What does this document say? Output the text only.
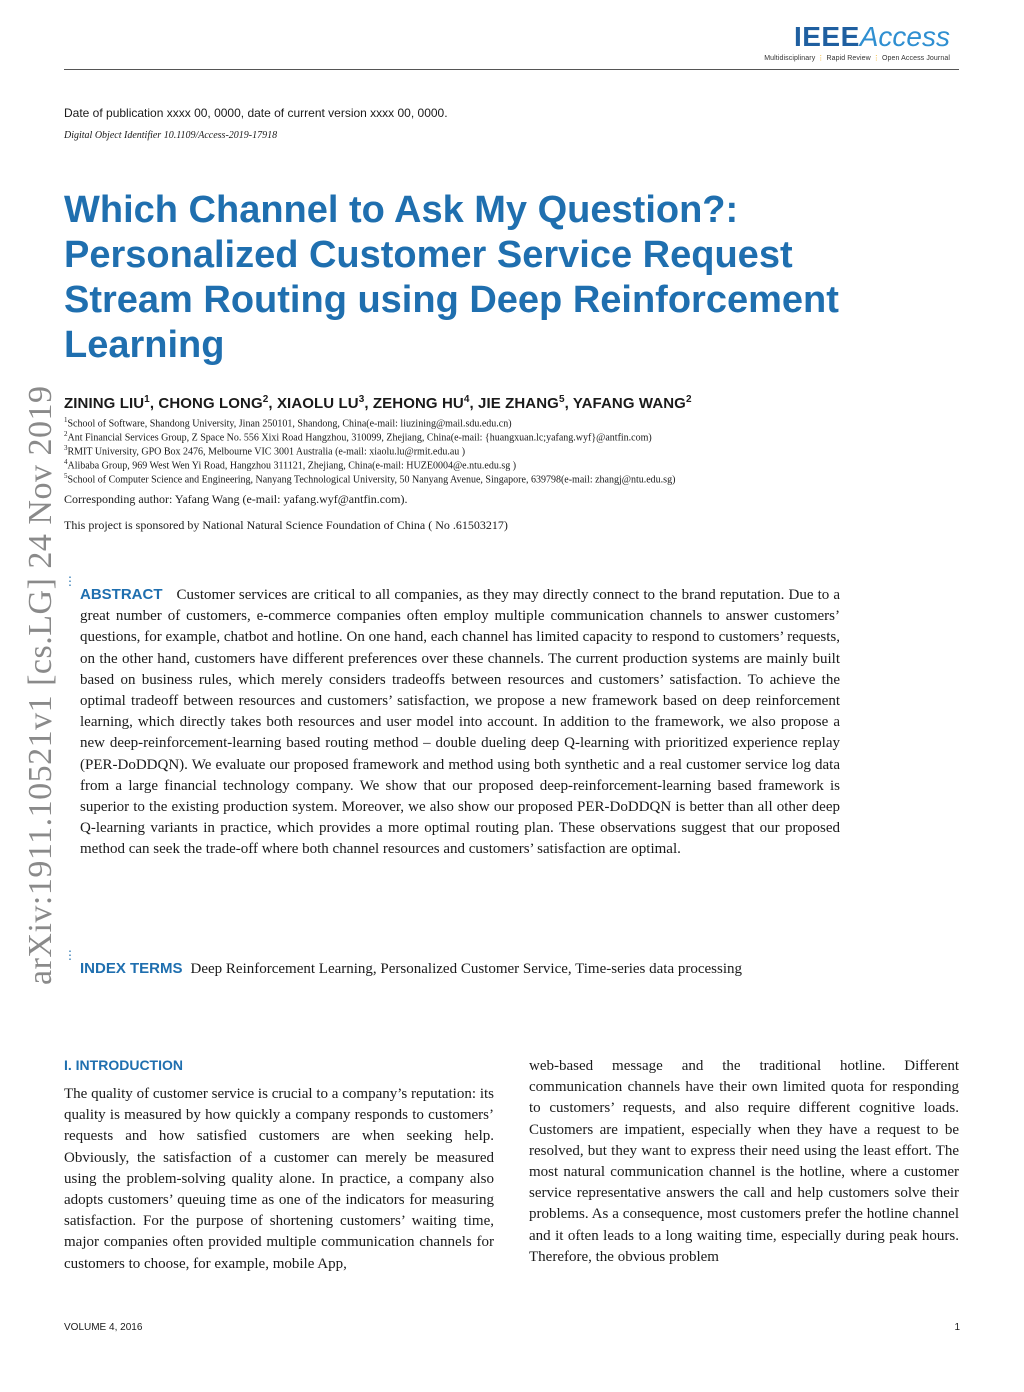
IEEEAccess
Multidisciplinary ⋮ Rapid Review ⋮ Open Access Journal
Date of publication xxxx 00, 0000, date of current version xxxx 00, 0000.
Digital Object Identifier 10.1109/Access-2019-17918
arXiv:1911.10521v1 [cs.LG] 24 Nov 2019
Which Channel to Ask My Question?: Personalized Customer Service Request Stream Routing using Deep Reinforcement Learning
ZINING LIU$^1$, CHONG LONG$^2$, XIAOLU $LU^3$, ZEHONG $HU^4$, JIE ZHANG$^5$, YAFANG WANG$^2$
$^1$School of Software, Shandong University, Jinan 250101, Shandong, China(e-mail: liuzining@mail.sdu.edu.cn)
$^2$Ant Financial Services Group, Z Space No. 556 Xixi Road Hangzhou, 310099, Zhejiang, China(e-mail: {huangxuan.lc;yafang.wyf}@antfin.com)
$^3$RMIT University, GPO Box 2476, Melbourne VIC 3001 Australia (e-mail: xiaolu.lu@rmit.edu.au )
$^4$Alibaba Group, 969 West Wen Yi Road, Hangzhou 311121, Zhejiang, China(e-mail: HUZE0004@e.ntu.edu.sg )
$^5$School of Computer Science and Engineering, Nanyang Technological University, 50 Nanyang Avenue, Singapore, 639798(e-mail: zhangj@ntu.edu.sg)
Corresponding author: Yafang Wang (e-mail: yafang.wyf@antfin.com).
This project is sponsored by National Natural Science Foundation of China ( No .61503217)
⋮
⋮
ABSTRACT Customer services are critical to all companies, as they may directly connect to the brand reputation. Due to a great number of customers, e-commerce companies often employ multiple communication channels to answer customers’ questions, for example, chatbot and hotline. On one hand, each channel has limited capacity to respond to customers’ requests, on the other hand, customers have different preferences over these channels. The current production systems are mainly built based on business rules, which merely considers tradeoffs between resources and customers’ satisfaction. To achieve the optimal tradeoff between resources and customers’ satisfaction, we propose a new framework based on deep reinforcement learning, which directly takes both resources and user model into account. In addition to the framework, we also propose a new deep-reinforcement-learning based routing method – double dueling deep Q-learning with prioritized experience replay (PER-DoDDQN). We evaluate our proposed framework and method using both synthetic and a real customer service log data from a large financial technology company. We show that our proposed deep-reinforcement-learning based framework is superior to the existing production system. Moreover, we also show our proposed PER-DoDDQN is better than all other deep Q-learning variants in practice, which provides a more optimal routing plan. These observations suggest that our proposed method can seek the trade-off where both channel resources and customers’ satisfaction are optimal.
INDEX TERMS Deep Reinforcement Learning, Personalized Customer Service, Time-series data processing
I. INTRODUCTION
The quality of customer service is crucial to a company’s reputation: its quality is measured by how quickly a company responds to customers’ requests and how satisfied customers are when seeking help. Obviously, the satisfaction of a customer can merely be measured using the problem-solving quality alone. In practice, a company also adopts customers’ queuing time as one of the indicators for measuring satisfaction. For the purpose of shortening customers’ waiting time, major companies often provided multiple communication channels for customers to choose, for example, mobile App,
web-based message and the traditional hotline. Different communication channels have their own limited quota for responding to customers’ requests, and also require different cognitive loads. Customers are impatient, especially when they have a request to be resolved, but they want to express their need using the least effort. The most natural communication channel is the hotline, where a customer service representative answers the call and help customers solve their problems. As a consequence, most customers prefer the hotline channel and it often leads to a long waiting time, especially during peak hours. Therefore, the obvious problem
VOLUME 4, 2016	1
